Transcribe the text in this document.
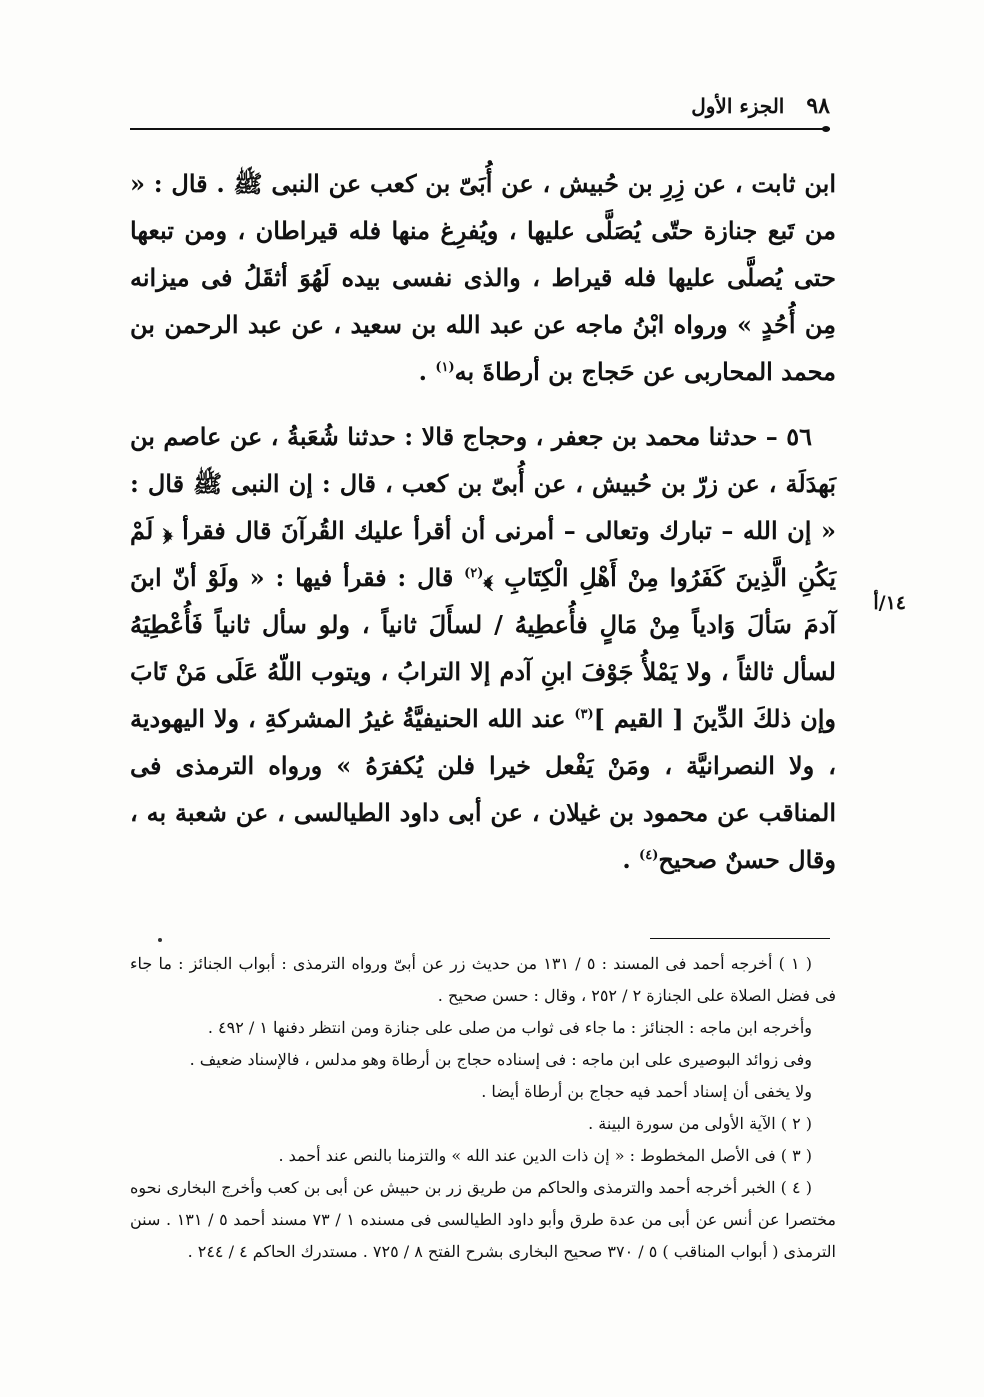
٩٨
الجزء الأول
١٤/أ

ابن ثابت ، عن زِرِ بن حُبيش ، عن أُبَىّ بن كعب عن النبى ﷺ . قال : « من تَبع جنازة حتّى يُصَلَّى عليها ، ويُفرِغ منها فله قيراطان ، ومن تبعها حتى يُصلَّى عليها فله قيراط ، والذى نفسى بيده لَهُوَ أثقَلُ فى ميزانه مِن أُحُدٍ » ورواه ابْنُ ماجه عن عبد الله بن سعيد ، عن عبد الرحمن بن محمد المحاربى عن حَجاج بن أرطاةَ به$^{(١)}$ .

٥٦ – حدثنا محمد بن جعفر ، وحجاج قالا : حدثنا شُعَبةُ ، عن عاصم بن بَهدَلَة ، عن زرّ بن حُبيش ، عن أُبىّ بن كعب ، قال : إن النبى ﷺ قال : « إن الله – تبارك وتعالى – أمرنى أن أقرأ عليك القُرآنَ قال فقرأ ﴿ لَمْ يَكُنِ الَّذِينَ كَفَرُوا مِنْ أَهْلِ الْكِتَابِ ﴾$^{(٢)}$ قال : فقرأ فيها : « ولَوْ أنّ ابنَ آدمَ سَألَ وَادياً مِنْ مَالٍ فأُعطِيهُ / لسأَلَ ثانياً ، ولو سأل ثانياً فَأُعْطِيَهُ لسأل ثالثاً ، ولا يَمْلأُ جَوْفَ ابنِ آدم إلا الترابُ ، ويتوب اللّهُ عَلَى مَنْ تَابَ وإن ذلكَ الدِّينَ [ القيم ]$^{(٣)}$ عند الله الحنيفيَّةُ غيرُ المشركةِ ، ولا اليهودية ، ولا النصرانيَّة ، ومَنْ يَفْعل خيرا فلن يُكفرَهُ » ورواه الترمذى فى المناقب عن محمود بن غيلان ، عن أبى داود الطيالسى ، عن شعبة به ، وقال حسنٌ صحيح$^{(٤)}$ .

( ١ ) أخرجه أحمد فى المسند : ٥ / ١٣١ من حديث زر عن أبىّ ورواه الترمذى : أبواب الجنائز : ما جاء فى فضل الصلاة على الجنازة ٢ / ٢٥٢ ، وقال : حسن صحيح .

وأخرجه ابن ماجه : الجنائز : ما جاء فى ثواب من صلى على جنازة ومن انتظر دفنها ١ / ٤٩٢ .

وفى زوائد البوصيرى على ابن ماجه : فى إسناده حجاج بن أرطاة وهو مدلس ، فالإسناد ضعيف .

ولا يخفى أن إسناد أحمد فيه حجاج بن أرطاة أيضا .

( ٢ ) الآية الأولى من سورة البينة .

( ٣ ) فى الأصل المخطوط : « إن ذات الدين عند الله » والتزمنا بالنص عند أحمد .

( ٤ ) الخبر أخرجه أحمد والترمذى والحاكم من طريق زر بن حبيش عن أبى بن كعب وأخرج البخارى نحوه مختصرا عن أنس عن أبى من عدة طرق وأبو داود الطيالسى فى مسنده ١ / ٧٣ مسند أحمد ٥ / ١٣١ . سنن الترمذى ( أبواب المناقب ) ٥ / ٣٧٠ صحيح البخارى بشرح الفتح ٨ / ٧٢٥ . مستدرك الحاكم ٤ / ٢٤٤ .
